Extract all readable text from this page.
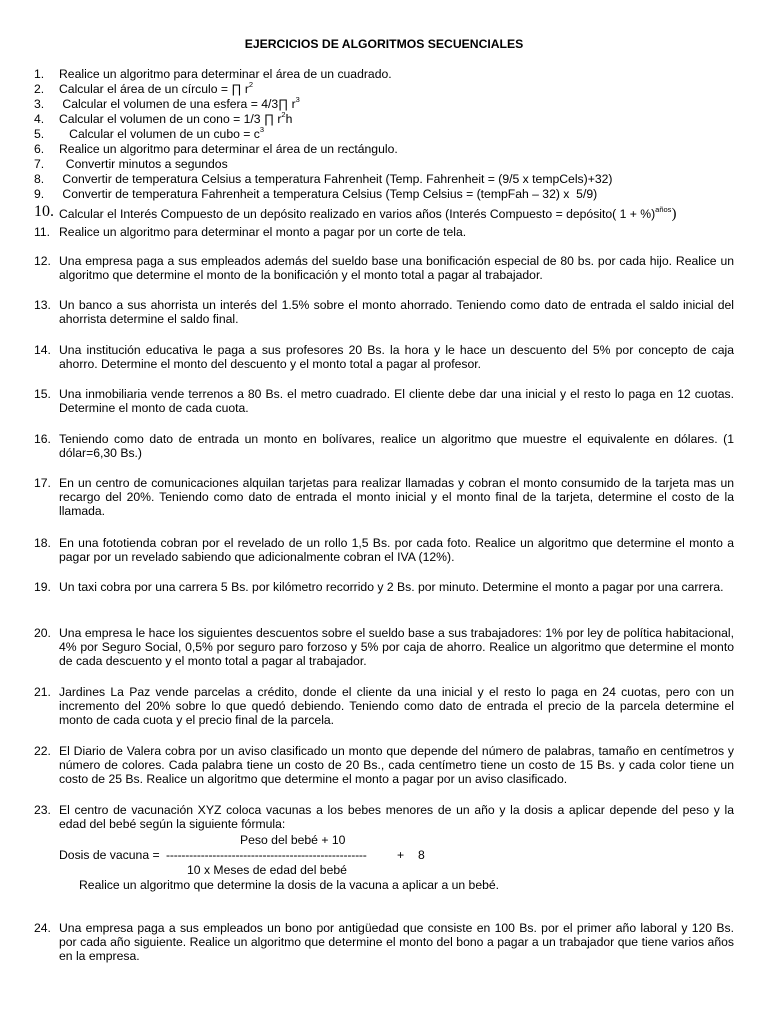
EJERCICIOS DE ALGORITMOS SECUENCIALES
1. Realice un algoritmo para determinar el área de un cuadrado.
2. Calcular el área de un círculo = ∏ $r^2$
3. Calcular el volumen de una esfera = 4/3∏ $r^3$
4. Calcular el volumen de un cono = 1/3 ∏ $r^2h$
5. Calcular el volumen de un cubo = $c^3$
6. Realice un algoritmo para determinar el área de un rectángulo.
7. Convertir minutos a segundos
8. Convertir de temperatura Celsius a temperatura Fahrenheit (Temp. Fahrenheit = (9/5 x tempCels)+32)
9. Convertir de temperatura Fahrenheit a temperatura Celsius (Temp Celsius = (tempFah – 32) x  5/9)
10. Calcular el Interés Compuesto de un depósito realizado en varios años (Interés Compuesto = depósito( 1 + %)$^{años}$)
11. Realice un algoritmo para determinar el monto a pagar por un corte de tela.
12. Una empresa paga a sus empleados además del sueldo base una bonificación especial de 80 bs. por cada hijo. Realice un algoritmo que determine el monto de la bonificación y el monto total a pagar al trabajador.
13. Un banco a sus ahorrista un interés del 1.5% sobre el monto ahorrado. Teniendo como dato de entrada el saldo inicial del ahorrista determine el saldo final.
14. Una institución educativa le paga a sus profesores 20 Bs. la hora y le hace un descuento del 5% por concepto de caja ahorro. Determine el monto del descuento y el monto total a pagar al profesor.
15. Una inmobiliaria vende terrenos a 80 Bs. el metro cuadrado. El cliente debe dar una inicial y el resto lo paga en 12 cuotas. Determine el monto de cada cuota.
16. Teniendo como dato de entrada un monto en bolívares, realice un algoritmo que muestre el equivalente en dólares. (1 dólar=6,30 Bs.)
17. En un centro de comunicaciones alquilan tarjetas para realizar llamadas y cobran el monto consumido de la tarjeta mas un recargo del 20%. Teniendo como dato de entrada el monto inicial y el monto final de la tarjeta, determine el costo de la llamada.
18. En una fototienda cobran por el revelado de un rollo 1,5 Bs. por cada foto. Realice un algoritmo que determine el monto a pagar por un revelado sabiendo que adicionalmente cobran el IVA (12%).
19. Un taxi cobra por una carrera 5 Bs. por kilómetro recorrido y 2 Bs. por minuto. Determine el monto a pagar por una carrera.
20. Una empresa le hace los siguientes descuentos sobre el sueldo base a sus trabajadores: 1% por ley de política habitacional, 4% por Seguro Social, 0,5% por seguro paro forzoso y 5% por caja de ahorro. Realice un algoritmo que determine el monto de cada descuento y el monto total a pagar al trabajador.
21. Jardines La Paz vende parcelas a crédito, donde el cliente da una inicial y el resto lo paga en 24 cuotas, pero con un incremento del 20% sobre lo que quedó debiendo. Teniendo como dato de entrada el precio de la parcela determine el monto de cada cuota y el precio final de la parcela.
22. El Diario de Valera cobra por un aviso clasificado un monto que depende del número de palabras, tamaño en centímetros y número de colores. Cada palabra tiene un costo de 20 Bs., cada centímetro tiene un costo de 15 Bs. y cada color tiene un costo de 25 Bs. Realice un algoritmo que determine el monto a pagar por un aviso clasificado.
23. El centro de vacunación XYZ coloca vacunas a los bebes menores de un año y la dosis a aplicar depende del peso y la edad del bebé según la siguiente fórmula:
Peso del bebé + 10
Dosis de vacuna = ---------------------------------------------------- + 8
10 x Meses de edad del bebé
Realice un algoritmo que determine la dosis de la vacuna a aplicar a un bebé.
24. Una empresa paga a sus empleados un bono por antigüedad que consiste en 100 Bs. por el primer año laboral y 120 Bs. por cada año siguiente. Realice un algoritmo que determine el monto del bono a pagar a un trabajador que tiene varios años en la empresa.
